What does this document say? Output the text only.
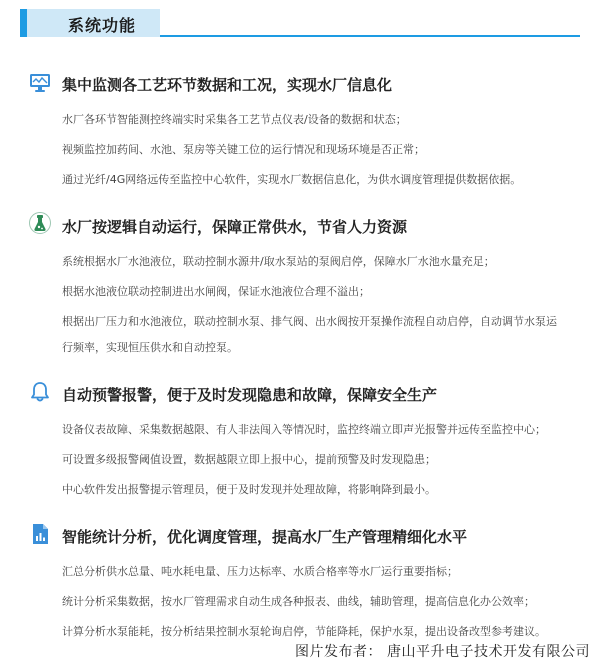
系统功能
集中监测各工艺环节数据和工况，实现水厂信息化
水厂各环节智能测控终端实时采集各工艺节点仪表/设备的数据和状态；
视频监控加药间、水池、泵房等关键工位的运行情况和现场环境是否正常；
通过光纤/4G网络远传至监控中心软件，实现水厂数据信息化，为供水调度管理提供数据依据。
水厂按逻辑自动运行，保障正常供水，节省人力资源
系统根据水厂水池液位，联动控制水源井/取水泵站的泵阀启停，保障水厂水池水量充足；
根据水池液位联动控制进出水闸阀，保证水池液位合理不溢出；
根据出厂压力和水池液位，联动控制水泵、排气阀、出水阀按开泵操作流程自动启停，自动调节水泵运
行频率，实现恒压供水和自动控泵。
自动预警报警，便于及时发现隐患和故障，保障安全生产
设备仪表故障、采集数据越限、有人非法闯入等情况时，监控终端立即声光报警并远传至监控中心；
可设置多级报警阈值设置，数据越限立即上报中心，提前预警及时发现隐患；
中心软件发出报警提示管理员，便于及时发现并处理故障，将影响降到最小。
智能统计分析，优化调度管理，提高水厂生产管理精细化水平
汇总分析供水总量、吨水耗电量、压力达标率、水质合格率等水厂运行重要指标；
统计分析采集数据，按水厂管理需求自动生成各种报表、曲线，辅助管理，提高信息化办公效率；
计算分析水泵能耗，按分析结果控制水泵轮询启停，节能降耗，保护水泵，提出设备改型参考建议。
图片发布者： 唐山平升电子技术开发有限公司
